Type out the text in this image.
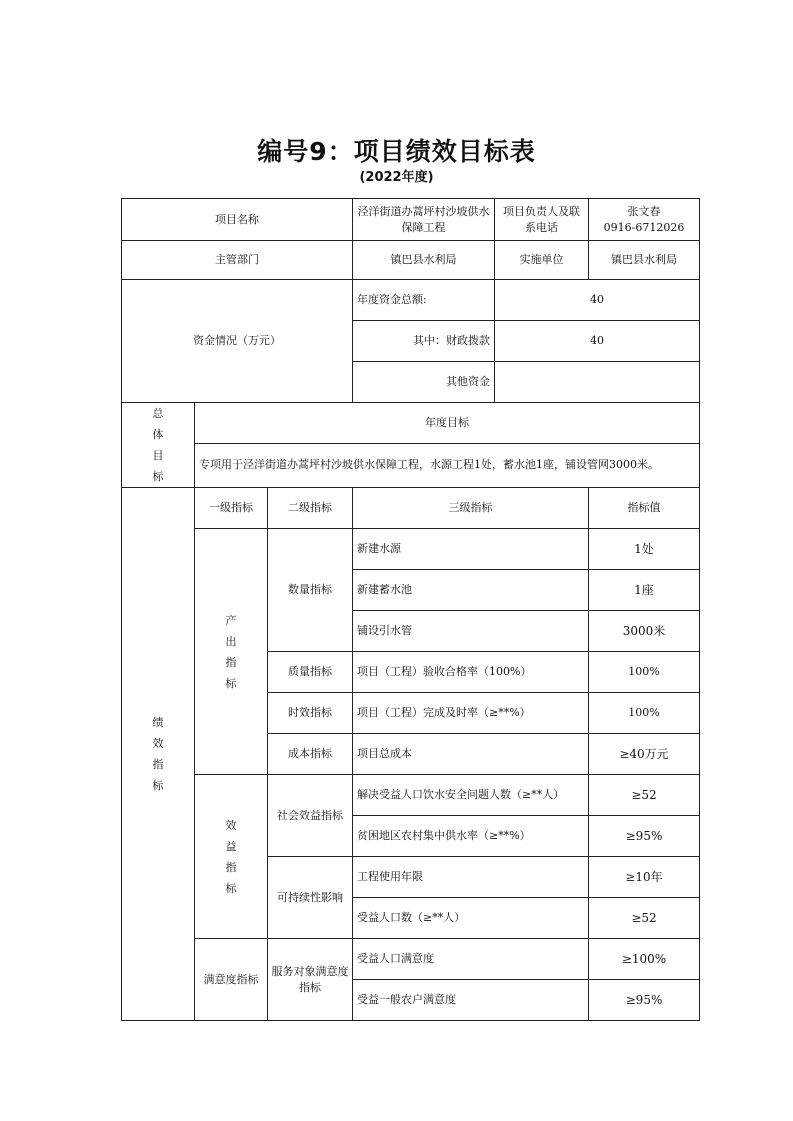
编号9：项目绩效目标表
(2022年度)
项目名称			泾洋街道办蒿坪村沙坡供水保障工程	项目负责人及联系电话	张文春
0916-6712026

主管部门			镇巴县水利局	实施单位	镇巴县水利局
资金情况（万元）			年度资金总额:	40	
			其中：财政拨款	40	
			其他资金		

总体目标	年度目标				
	专项用于泾洋街道办蒿坪村沙坡供水保障工程，水源工程1处，蓄水池1座，铺设管网3000米。				

绩效指标	一级指标	二级指标	三级指标		指标值

	产出指标	数量指标	新建水源		1处
			新建蓄水池		1座
			铺设引水管		3000米
		质量指标	项目（工程）验收合格率（100%）		100%
		时效指标	项目（工程）完成及时率（≥**%）		100%
		成本指标	项目总成本		≥40万元

	效益指标	社会效益指标	解决受益人口饮水安全问题人数（≥**人）		≥52
			贫困地区农村集中供水率（≥**%）		≥95%
		可持续性影响	工程使用年限		≥10年
			受益人口数（≥**人）		≥52
	满意度指标	服务对象满意度指标	受益人口满意度		≥100%
			受益一般农户满意度		≥95%
